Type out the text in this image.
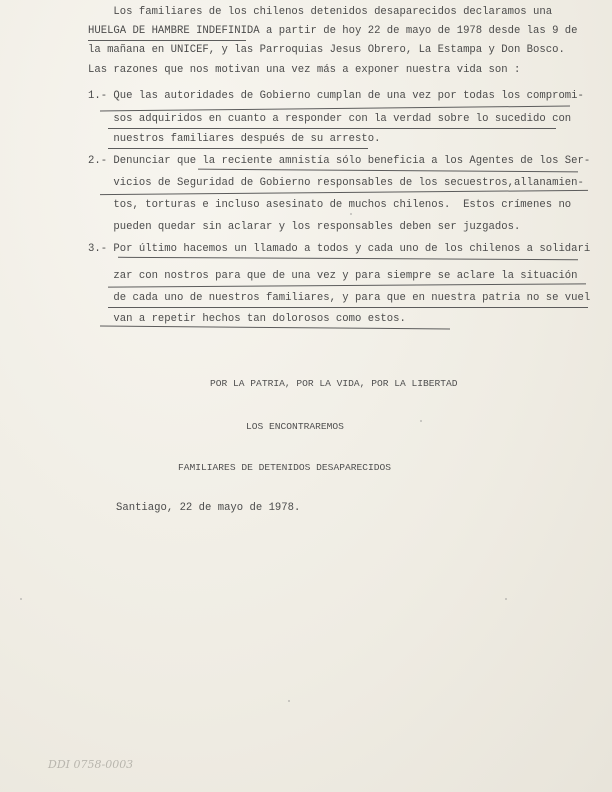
Los familiares de los chilenos detenidos desaparecidos declaramos una
HUELGA DE HAMBRE INDEFINIDA a partir de hoy 22 de mayo de 1978 desde las 9 de
la mañana en UNICEF, y las Parroquias Jesus Obrero, La Estampa y Don Bosco.
Las razones que nos motivan una vez más a exponer nuestra vida son :
1.- Que las autoridades de Gobierno cumplan de una vez por todas los compromi-
sos adquiridos en cuanto a responder con la verdad sobre lo sucedido con
nuestros familiares después de su arresto.
2.- Denunciar que la reciente amnistía sólo beneficia a los Agentes de los Ser-
vicios de Seguridad de Gobierno responsables de los secuestros,allanamien-
tos, torturas e incluso asesinato de muchos chilenos.  Estos crímenes no
pueden quedar sin aclarar y los responsables deben ser juzgados.
3.- Por último hacemos un llamado a todos y cada uno de los chilenos a solidari
zar con nostros para que de una vez y para siempre se aclare la situación
de cada uno de nuestros familiares, y para que en nuestra patria no se vuel
van a repetir hechos tan dolorosos como estos.
POR LA PATRIA, POR LA VIDA, POR LA LIBERTAD
LOS ENCONTRAREMOS
FAMILIARES DE DETENIDOS DESAPARECIDOS
Santiago, 22 de mayo de 1978.
DDI 0758-0003
